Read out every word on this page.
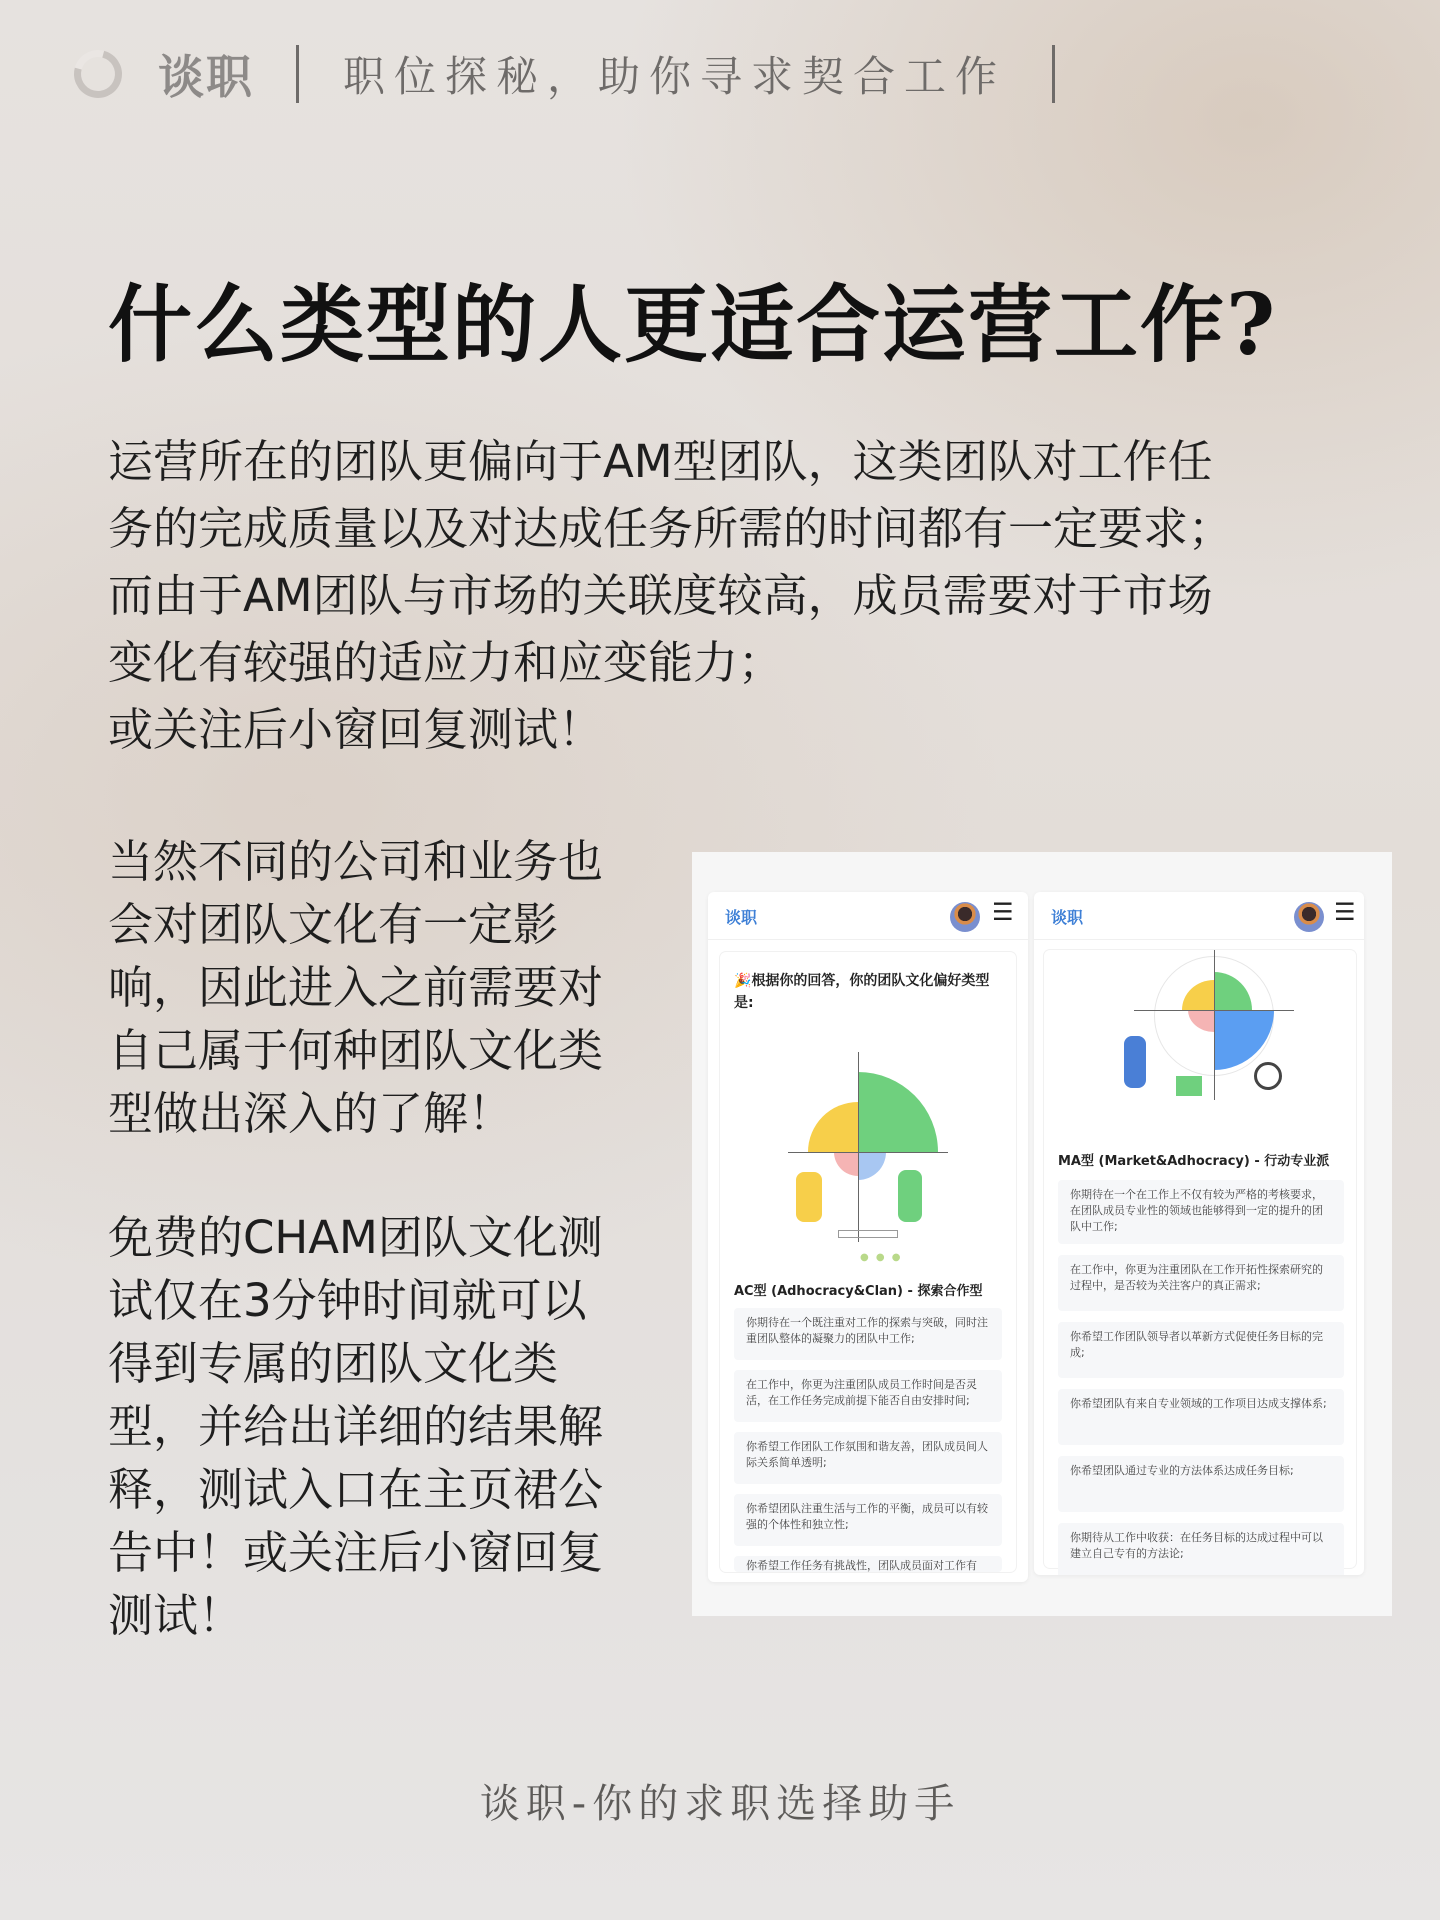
谈职 职位探秘，助你寻求契合工作
什么类型的人更适合运营工作?

运营所在的团队更偏向于AM型团队，这类团队对工作任

务的完成质量以及对达成任务所需的时间都有一定要求；

而由于AM团队与市场的关联度较高，成员需要对于市场

变化有较强的适应力和应变能力；

或关注后小窗回复测试！

当然不同的公司和业务也

会对团队文化有一定影

响，因此进入之前需要对

自己属于何种团队文化类

型做出深入的了解！

免费的CHAM团队文化测

试仅在3分钟时间就可以

得到专属的团队文化类

型，并给出详细的结果解

释，测试入口在主页裙公

告中！或关注后小窗回复

测试！

谈职	☰
🎉根据你的回答，你的团队文化偏好类型是:
● ● ●
AC型 (Adhocracy&Clan) - 探索合作型
你期待在一个既注重对工作的探索与突破，同时注重团队整体的凝聚力的团队中工作;
在工作中，你更为注重团队成员工作时间是否灵活，在工作任务完成前提下能否自由安排时间;
你希望工作团队工作氛围和谐友善，团队成员间人际关系简单透明;
你希望团队注重生活与工作的平衡，成员可以有较强的个体性和独立性;
你希望工作任务有挑战性，团队成员面对工作有
谈职	☰
MA型 (Market&Adhocracy) - 行动专业派
你期待在一个在工作上不仅有较为严格的考核要求，在团队成员专业性的领域也能够得到一定的提升的团队中工作;
在工作中，你更为注重团队在工作开拓性探索研究的过程中，是否较为关注客户的真正需求;
你希望工作团队领导者以革新方式促使任务目标的完成;
你希望团队有来自专业领域的工作项目达成支撑体系;
你希望团队通过专业的方法体系达成任务目标;
你期待从工作中收获：在任务目标的达成过程中可以建立自己专有的方法论;
谈职-你的求职选择助手
